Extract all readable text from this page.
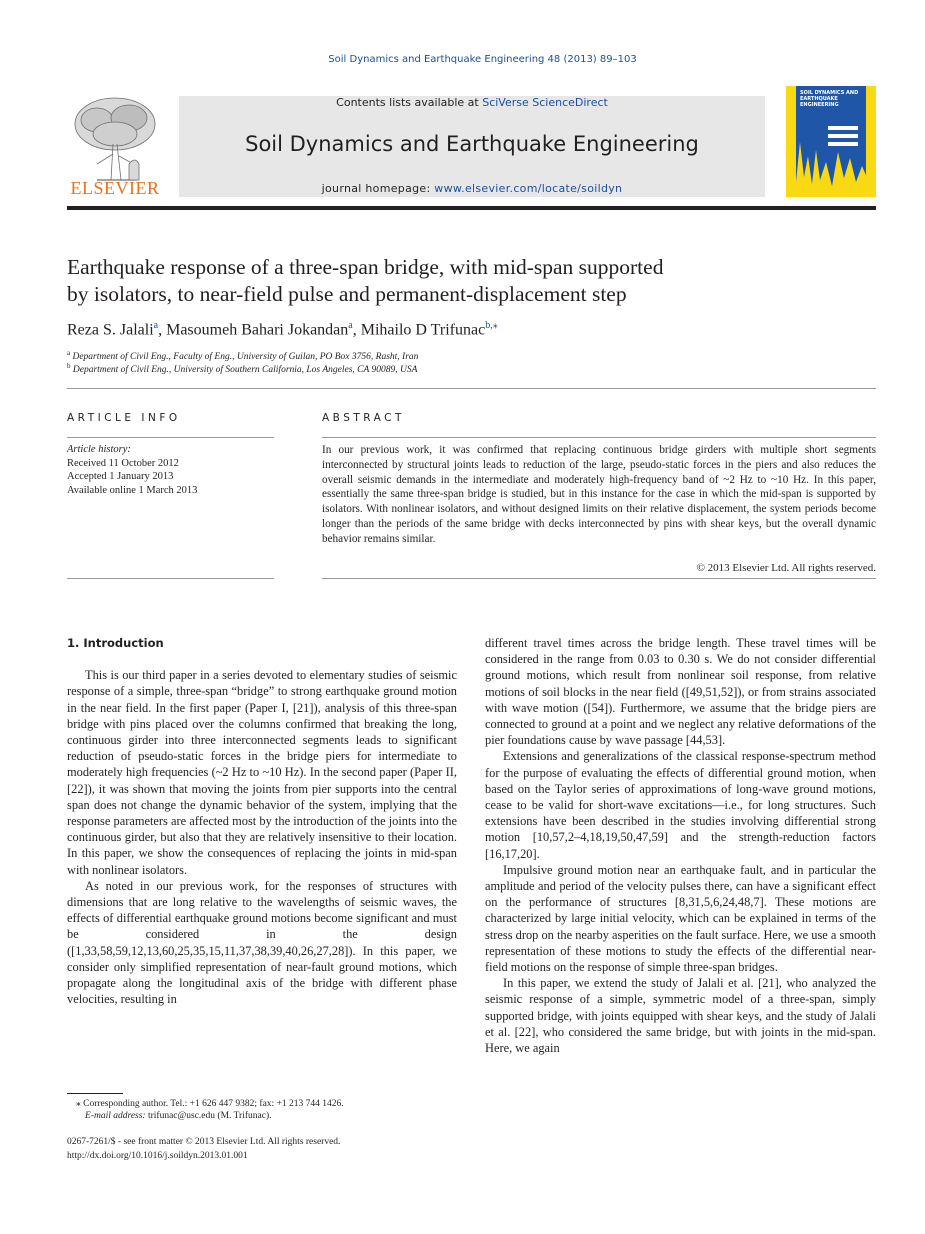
Soil Dynamics and Earthquake Engineering 48 (2013) 89–103
ELSEVIER
Contents lists available at SciVerse ScienceDirect
Soil Dynamics and Earthquake Engineering
journal homepage: www.elsevier.com/locate/soildyn
SOIL DYNAMICS AND EARTHQUAKE ENGINEERING
Earthquake response of a three-span bridge, with mid-span supported
by isolators, to near-field pulse and permanent-displacement step
Reza S. Jalali$^a$, Masoumeh Bahari Jokandan$^a$, Mihailo D Trifunac$^{b,⁎}$
$^a$ Department of Civil Eng., Faculty of Eng., University of Guilan, PO Box 3756, Rasht, Iran
$^b$ Department of Civil Eng., University of Southern California, Los Angeles, CA 90089, USA
ARTICLE INFO
Article history:
Received 11 October 2012
Accepted 1 January 2013
Available online 1 March 2013
ABSTRACT
In our previous work, it was confirmed that replacing continuous bridge girders with multiple short segments interconnected by structural joints leads to reduction of the large, pseudo-static forces in the piers and also reduces the overall seismic demands in the intermediate and moderately high-frequency band of ~2 Hz to ~10 Hz. In this paper, essentially the same three-span bridge is studied, but in this instance for the case in which the mid-span is supported by isolators. With nonlinear isolators, and without designed limits on their relative displacement, the system periods become longer than the periods of the same bridge with decks interconnected by pins with shear keys, but the overall dynamic behavior remains similar.
© 2013 Elsevier Ltd. All rights reserved.

1. Introduction

This is our third paper in a series devoted to elementary studies of seismic response of a simple, three-span “bridge” to strong earthquake ground motion in the near field. In the first paper (Paper I, [21]), analysis of this three-span bridge with pins placed over the columns confirmed that breaking the long, continuous girder into three interconnected segments leads to significant reduction of pseudo-static forces in the bridge piers for intermediate to moderately high frequencies (~2 Hz to ~10 Hz). In the second paper (Paper II, [22]), it was shown that moving the joints from pier supports into the central span does not change the dynamic behavior of the system, implying that the response parameters are affected most by the introduction of the joints into the continuous girder, but also that they are relatively insensitive to their location. In this paper, we show the consequences of replacing the joints in mid-span with nonlinear isolators.

As noted in our previous work, for the responses of structures with dimensions that are long relative to the wavelengths of seismic waves, the effects of differential earthquake ground motions become significant and must be considered in the design ([1,33,58,59,12,13,60,25,35,15,11,37,38,39,40,26,27,28]). In this paper, we consider only simplified representation of near-fault ground motions, which propagate along the longitudinal axis of the bridge with different phase velocities, resulting in

different travel times across the bridge length. These travel times will be considered in the range from 0.03 to 0.30 s. We do not consider differential ground motions, which result from nonlinear soil response, from relative motions of soil blocks in the near field ([49,51,52]), or from strains associated with wave motion ([54]). Furthermore, we assume that the bridge piers are connected to ground at a point and we neglect any relative deformations of the pier foundations cause by wave passage [44,53].

Extensions and generalizations of the classical response-spectrum method for the purpose of evaluating the effects of differential ground motion, when based on the Taylor series of approximations of long-wave ground motions, cease to be valid for short-wave excitations—i.e., for long structures. Such extensions have been described in the studies involving differential strong motion [10,57,2–4,18,19,50,47,59] and the strength-reduction factors [16,17,20].

Impulsive ground motion near an earthquake fault, and in particular the amplitude and period of the velocity pulses there, can have a significant effect on the performance of structures [8,31,5,6,24,48,7]. These motions are characterized by large initial velocity, which can be explained in terms of the stress drop on the nearby asperities on the fault surface. Here, we use a smooth representation of these motions to study the effects of the differential near-field motions on the response of simple three-span bridges.

In this paper, we extend the study of Jalali et al. [21], who analyzed the seismic response of a simple, symmetric model of a three-span, simply supported bridge, with joints equipped with shear keys, and the study of Jalali et al. [22], who considered the same bridge, but with joints in the mid-span. Here, we again

⁎ Corresponding author. Tel.: +1 626 447 9382; fax: +1 213 744 1426.
E-mail address: trifunac@usc.edu (M. Trifunac).
0267-7261/$ - see front matter © 2013 Elsevier Ltd. All rights reserved.
http://dx.doi.org/10.1016/j.soildyn.2013.01.001
